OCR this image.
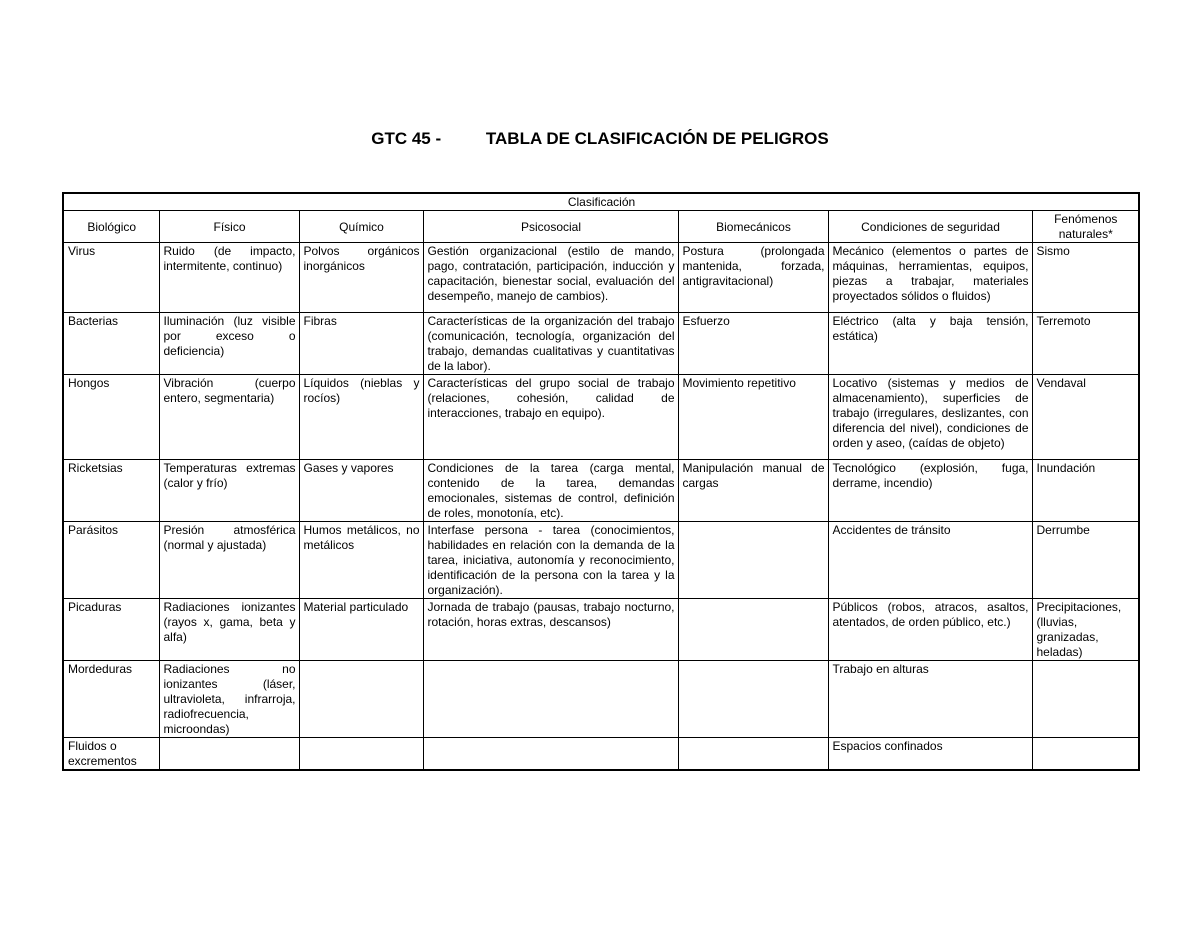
GTC 45 -	TABLA DE CLASIFICACIÓN DE PELIGROS
Clasificación						
Biológico	Físico	Químico	Psicosocial	Biomecánicos	Condiciones de seguridad	Fenómenos naturales*
Virus	Ruido (de impacto, intermitente, continuo)	Polvos orgánicos inorgánicos	Gestión organizacional (estilo de mando, pago, contratación, participación, inducción y capacitación, bienestar social, evaluación del desempeño, manejo de cambios).	Postura (prolongada mantenida, forzada, antigravitacional)	Mecánico (elementos o partes de máquinas, herramientas, equipos, piezas a trabajar, materiales proyectados sólidos o fluidos)	Sismo
Bacterias	Iluminación (luz visible por exceso o deficiencia)	Fibras	Características de la organización del trabajo (comunicación, tecnología, organización del trabajo, demandas cualitativas y cuantitativas de la labor).	Esfuerzo	Eléctrico (alta y baja tensión, estática)	Terremoto
Hongos	Vibración (cuerpo entero, segmentaria)	Líquidos (nieblas y rocíos)	Características del grupo social de trabajo (relaciones, cohesión, calidad de interacciones, trabajo en equipo).	Movimiento repetitivo	Locativo (sistemas y medios de almacenamiento), superficies de trabajo (irregulares, deslizantes, con diferencia del nivel), condiciones de orden y aseo, (caídas de objeto)	Vendaval
Ricketsias	Temperaturas extremas (calor y frío)	Gases y vapores	Condiciones de la tarea (carga mental, contenido de la tarea, demandas emocionales, sistemas de control, definición de roles, monotonía, etc).	Manipulación manual de cargas	Tecnológico (explosión, fuga, derrame, incendio)	Inundación
Parásitos	Presión atmosférica (normal y ajustada)	Humos metálicos, no metálicos	Interfase persona - tarea (conocimientos, habilidades en relación con la demanda de la tarea, iniciativa, autonomía y reconocimiento, identificación de la persona con la tarea y la organización).		Accidentes de tránsito	Derrumbe
Picaduras	Radiaciones ionizantes (rayos x, gama, beta y alfa)	Material particulado	Jornada de trabajo (pausas, trabajo nocturno, rotación, horas extras, descansos)		Públicos (robos, atracos, asaltos, atentados, de orden público, etc.)	Precipitaciones, (lluvias, granizadas, heladas)
Mordeduras	Radiaciones no ionizantes (láser, ultravioleta, infrarroja, radiofrecuencia, microondas)				Trabajo en alturas	
Fluidos o excrementos					Espacios confinados	
